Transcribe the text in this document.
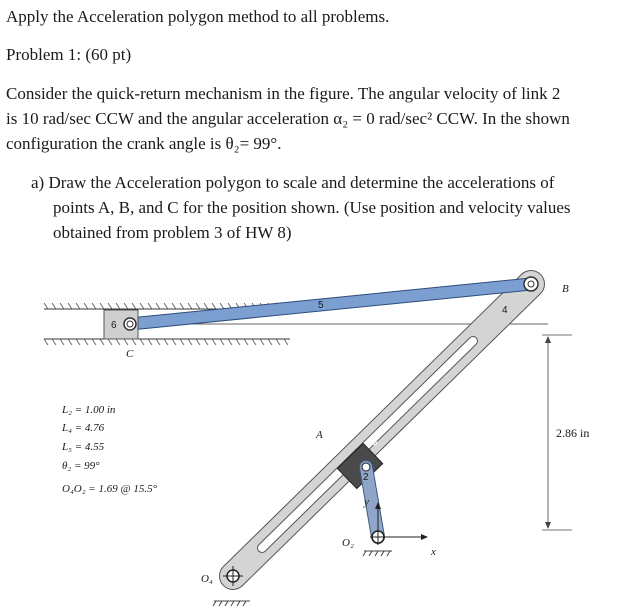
Apply the Acceleration polygon method to all problems.
Problem 1: (60 pt)
Consider the quick-return mechanism in the figure. The angular velocity of link 2
is 10 rad/sec CCW and the angular acceleration α₂ = 0 rad/sec² CCW. In the shown
configuration the crank angle is θ₂= 99°.
a) Draw the Acceleration polygon to scale and determine the accelerations of
points A, B, and C for the position shown. (Use position and velocity values
obtained from problem 3 of HW 8)
6
C
B
5	4
A
3
2
y
x
O₂
O₄
2.86 in
L₂ = 1.00 in
L₄ = 4.76
L₅ = 4.55
θ₂ = 99°
O₄O₂ = 1.69 @ 15.5°
